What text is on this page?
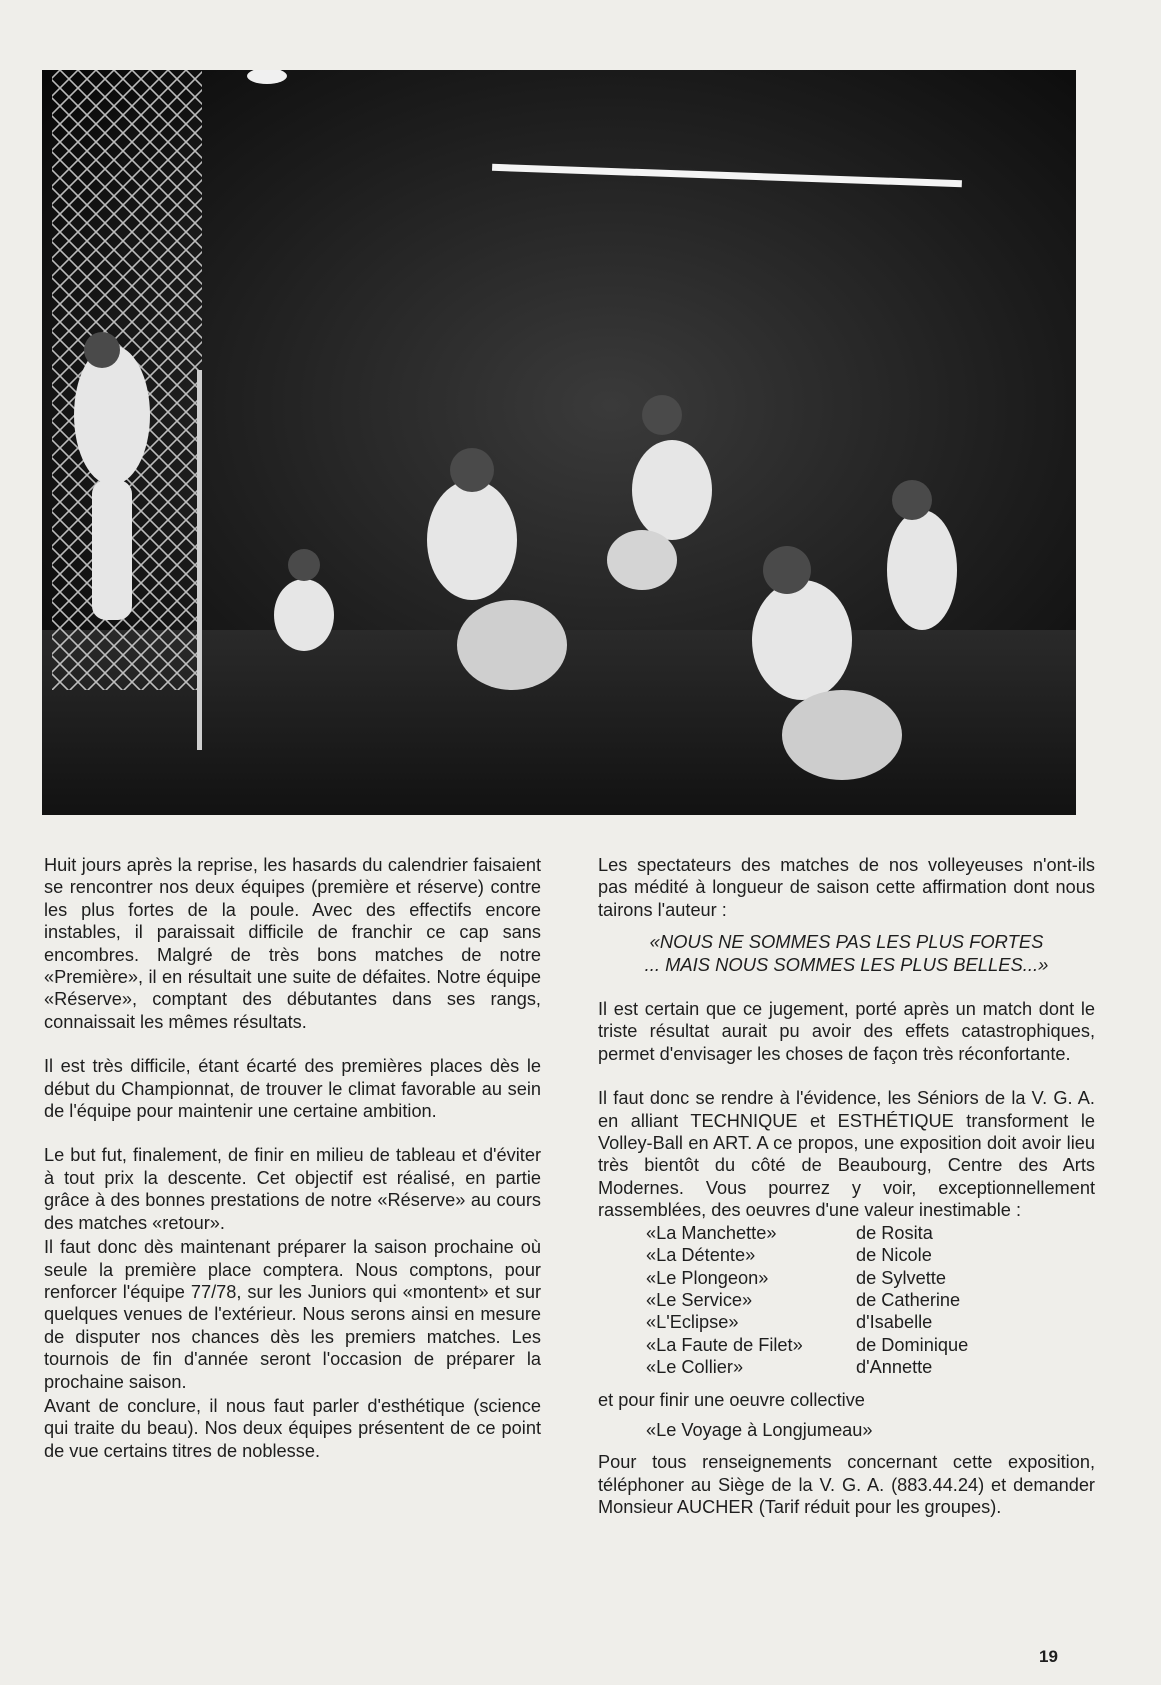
Huit jours après la reprise, les hasards du calendrier faisaient se rencontrer nos deux équipes (première et réserve) contre les plus fortes de la poule. Avec des effectifs encore instables, il paraissait difficile de franchir ce cap sans encombres. Malgré de très bons matches de notre «Première», il en résultait une suite de défaites. Notre équipe «Réserve», comptant des débutantes dans ses rangs, connaissait les mêmes résultats.

Il est très difficile, étant écarté des premières places dès le début du Championnat, de trouver le climat favorable au sein de l'équipe pour maintenir une certaine ambition.

Le but fut, finalement, de finir en milieu de tableau et d'éviter à tout prix la descente. Cet objectif est réalisé, en partie grâce à des bonnes prestations de notre «Réserve» au cours des matches «retour».

Il faut donc dès maintenant préparer la saison prochaine où seule la première place comptera. Nous comptons, pour renforcer l'équipe 77/78, sur les Juniors qui «montent» et sur quelques venues de l'extérieur. Nous serons ainsi en mesure de disputer nos chances dès les premiers matches. Les tournois de fin d'année seront l'occasion de préparer la prochaine saison.

Avant de conclure, il nous faut parler d'esthétique (science qui traite du beau). Nos deux équipes présentent de ce point de vue certains titres de noblesse.

Les spectateurs des matches de nos volleyeuses n'ont-ils pas médité à longueur de saison cette affirmation dont nous tairons l'auteur :

«NOUS NE SOMMES PAS LES PLUS FORTES
... MAIS NOUS SOMMES LES PLUS BELLES...»

Il est certain que ce jugement, porté après un match dont le triste résultat aurait pu avoir des effets catastrophiques, permet d'envisager les choses de façon très réconfortante.

Il faut donc se rendre à l'évidence, les Séniors de la V. G. A. en alliant TECHNIQUE et ESTHÉTIQUE transforment le Volley-Ball en ART. A ce propos, une exposition doit avoir lieu très bientôt du côté de Beaubourg, Centre des Arts Modernes. Vous pourrez y voir, exceptionnellement rassemblées, des oeuvres d'une valeur inestimable :

«La Manchette»	de Rosita
«La Détente»	de Nicole
«Le Plongeon»	de Sylvette
«Le Service»	de Catherine
«L'Eclipse»	d'Isabelle
«La Faute de Filet»	de Dominique
«Le Collier»	d'Annette
et pour finir une oeuvre collective
«Le Voyage à Longjumeau»

Pour tous renseignements concernant cette exposition, téléphoner au Siège de la V. G. A. (883.44.24) et demander Monsieur AUCHER (Tarif réduit pour les groupes).

19
